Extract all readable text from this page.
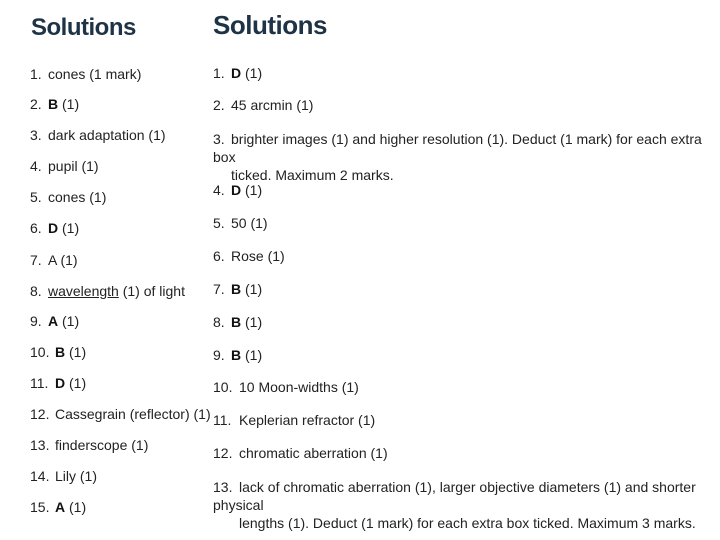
Solutions
1. cones (1 mark)
2. B (1)
3. dark adaptation (1)
4. pupil (1)
5. cones (1)
6. D (1)
7. A (1)
8. wavelength (1) of light
9. A (1)
10. B (1)
11. D (1)
12. Cassegrain (reflector) (1)
13. finderscope (1)
14. Lily (1)
15. A (1)
Solutions
1. D (1)
2. 45 arcmin (1)
3. brighter images (1) and higher resolution (1). Deduct (1 mark) for each extra box
ticked. Maximum 2 marks.
4. D (1)
5. 50 (1)
6. Rose (1)
7. B (1)
8. B (1)
9. B (1)
10. 10 Moon-widths (1)
11. Keplerian refractor (1)
12. chromatic aberration (1)
13. lack of chromatic aberration (1), larger objective diameters (1) and shorter physical
lengths (1). Deduct (1 mark) for each extra box ticked. Maximum 3 marks.
